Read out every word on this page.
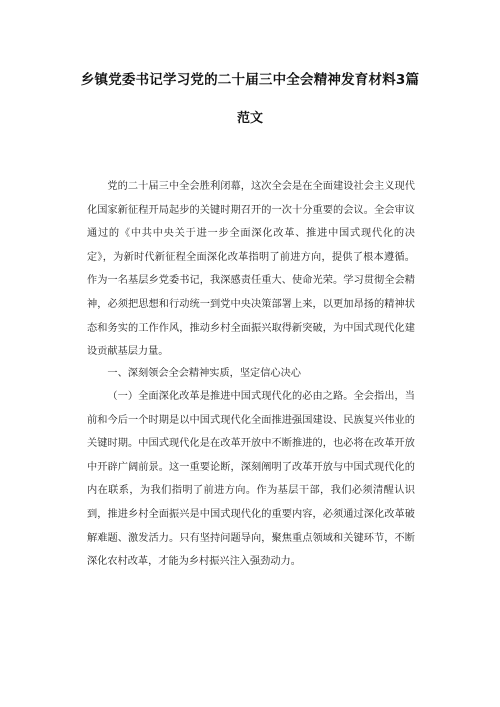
乡镇党委书记学习党的二十届三中全会精神发育材料3篇
范文

党的二十届三中全会胜利闭幕，这次全会是在全面建设社会主义现代化国家新征程开局起步的关键时期召开的一次十分重要的会议。全会审议通过的《中共中央关于进一步全面深化改革、推进中国式现代化的决定》，为新时代新征程全面深化改革指明了前进方向，提供了根本遵循。作为一名基层乡党委书记，我深感责任重大、使命光荣。学习贯彻全会精神，必须把思想和行动统一到党中央决策部署上来，以更加昂扬的精神状态和务实的工作作风，推动乡村全面振兴取得新突破，为中国式现代化建设贡献基层力量。

一、深刻领会全会精神实质，坚定信心决心

（一）全面深化改革是推进中国式现代化的必由之路。全会指出，当前和今后一个时期是以中国式现代化全面推进强国建设、民族复兴伟业的关键时期。中国式现代化是在改革开放中不断推进的，也必将在改革开放中开辟广阔前景。这一重要论断，深刻阐明了改革开放与中国式现代化的内在联系，为我们指明了前进方向。作为基层干部，我们必须清醒认识到，推进乡村全面振兴是中国式现代化的重要内容，必须通过深化改革破解难题、激发活力。只有坚持问题导向，聚焦重点领域和关键环节，不断深化农村改革，才能为乡村振兴注入强劲动力。
